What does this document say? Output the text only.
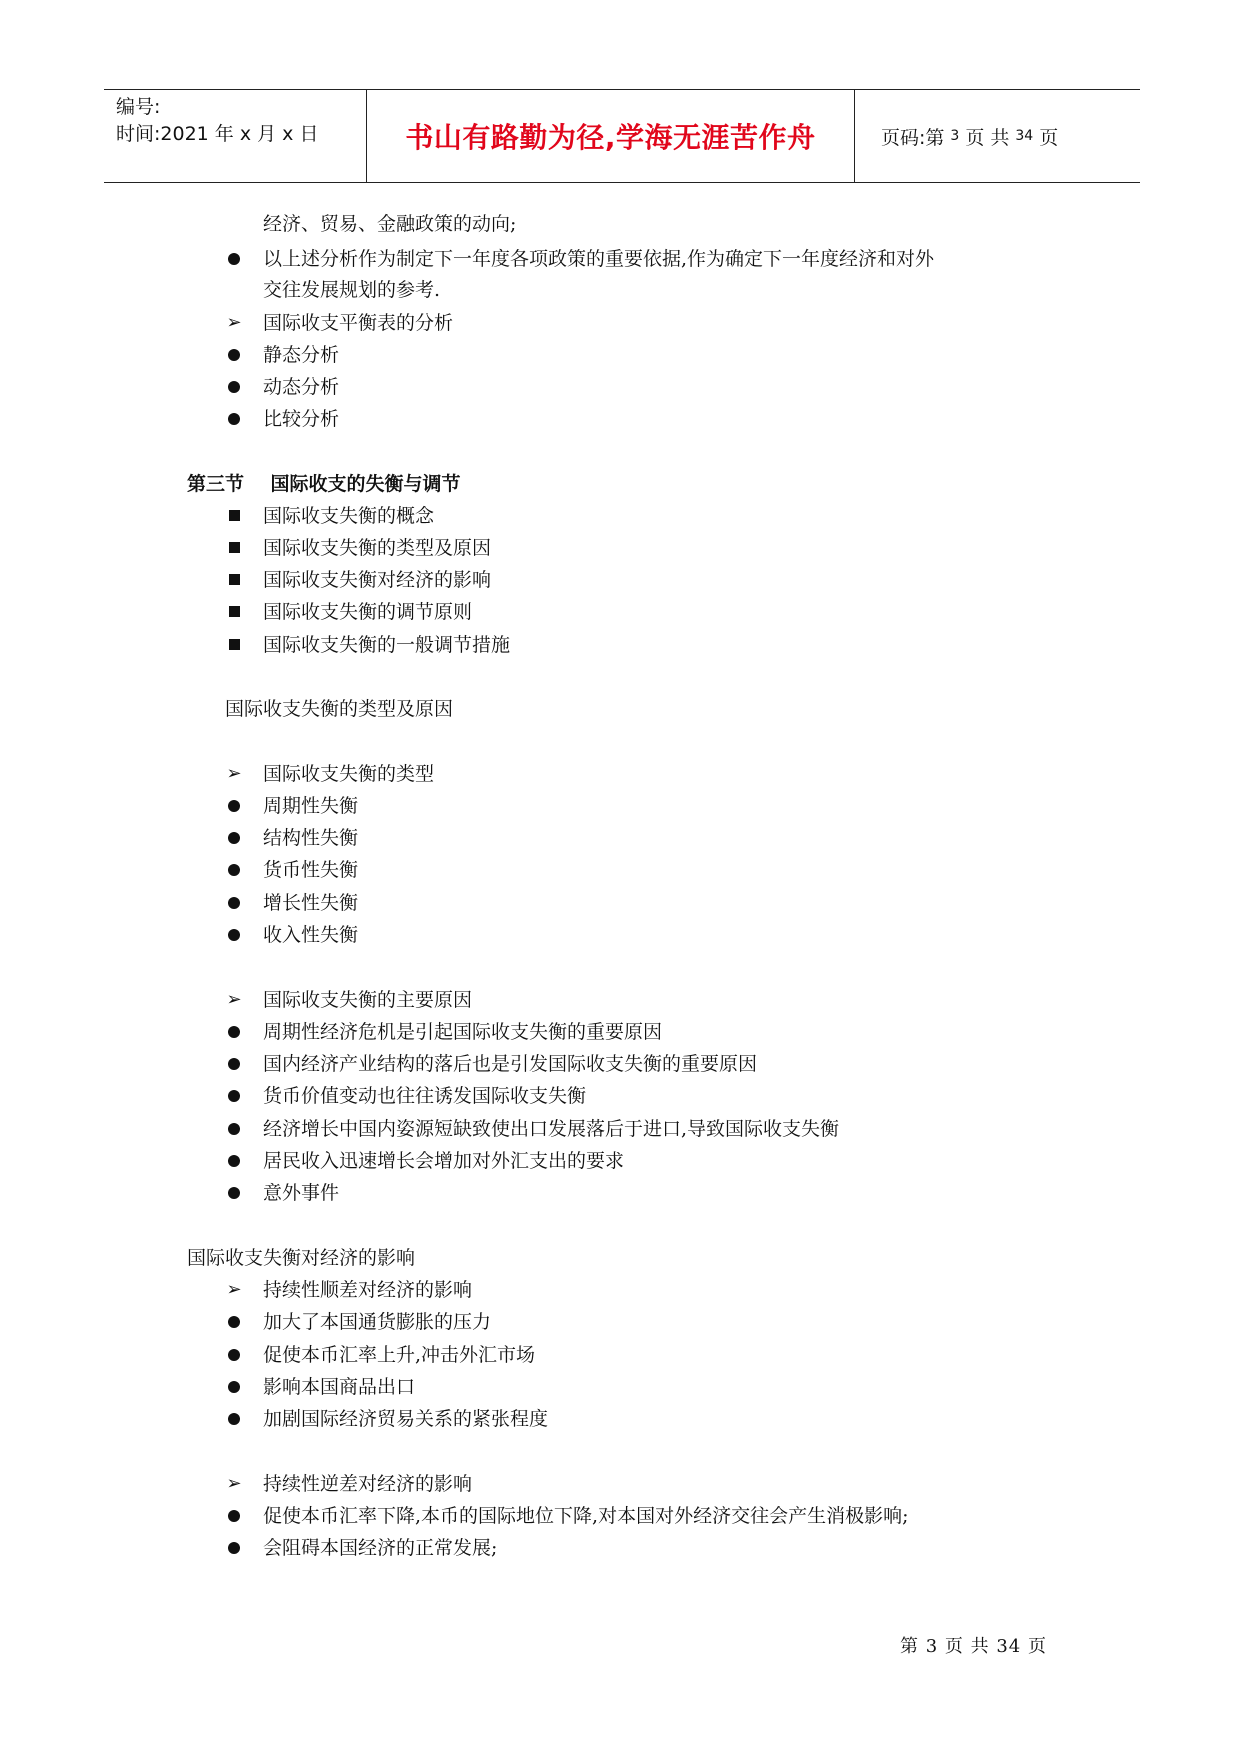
编号:
时间:2021 年 x 月 x 日	书山有路勤为径,学海无涯苦作舟	页码:第 3 页 共 34 页
经济、贸易、金融政策的动向;
以上述分析作为制定下一年度各项政策的重要依据,作为确定下一年度经济和对外
交往发展规划的参考.
➢ 国际收支平衡表的分析
静态分析
动态分析
比较分析
第三节    国际收支的失衡与调节
国际收支失衡的概念
国际收支失衡的类型及原因
国际收支失衡对经济的影响
国际收支失衡的调节原则
国际收支失衡的一般调节措施
国际收支失衡的类型及原因
➢ 国际收支失衡的类型
周期性失衡
结构性失衡
货币性失衡
增长性失衡
收入性失衡
➢ 国际收支失衡的主要原因
周期性经济危机是引起国际收支失衡的重要原因
国内经济产业结构的落后也是引发国际收支失衡的重要原因
货币价值变动也往往诱发国际收支失衡
经济增长中国内姿源短缺致使出口发展落后于进口,导致国际收支失衡
居民收入迅速增长会增加对外汇支出的要求
意外事件
国际收支失衡对经济的影响
➢ 持续性顺差对经济的影响
加大了本国通货膨胀的压力
促使本币汇率上升,冲击外汇市场
影响本国商品出口
加剧国际经济贸易关系的紧张程度
➢ 持续性逆差对经济的影响
促使本币汇率下降,本币的国际地位下降,对本国对外经济交往会产生消极影响;
会阻碍本国经济的正常发展;
第 3 页 共 34 页
